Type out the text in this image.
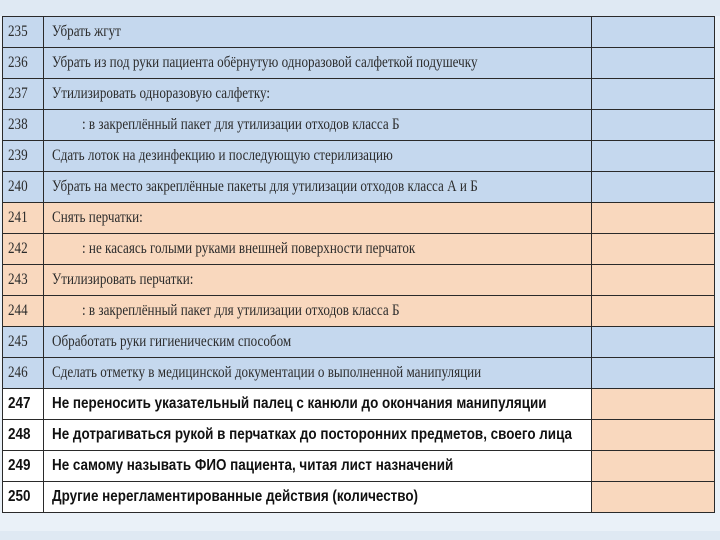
235 Убрать жгут
236 Убрать из под руки пациента обёрнутую одноразовой салфеткой подушечку
237 Утилизировать одноразовую салфетку:
238	: в закреплённый пакет для утилизации отходов класса Б
239 Сдать лоток на дезинфекцию и последующую стерилизацию
240 Убрать на место закреплённые пакеты для утилизации отходов класса А и Б
241 Снять перчатки:
242	: не касаясь голыми руками внешней поверхности перчаток
243 Утилизировать перчатки:
244	: в закреплённый пакет для утилизации отходов класса Б
245 Обработать руки гигиеническим способом
246 Сделать отметку в медицинской документации о выполненной манипуляции
247 Не переносить указательный палец с канюли до окончания манипуляции
248 Не дотрагиваться рукой в перчатках до посторонних предметов, своего лица
249 Не самому называть ФИО пациента, читая лист назначений
250 Другие нерегламентированные действия (количество)
